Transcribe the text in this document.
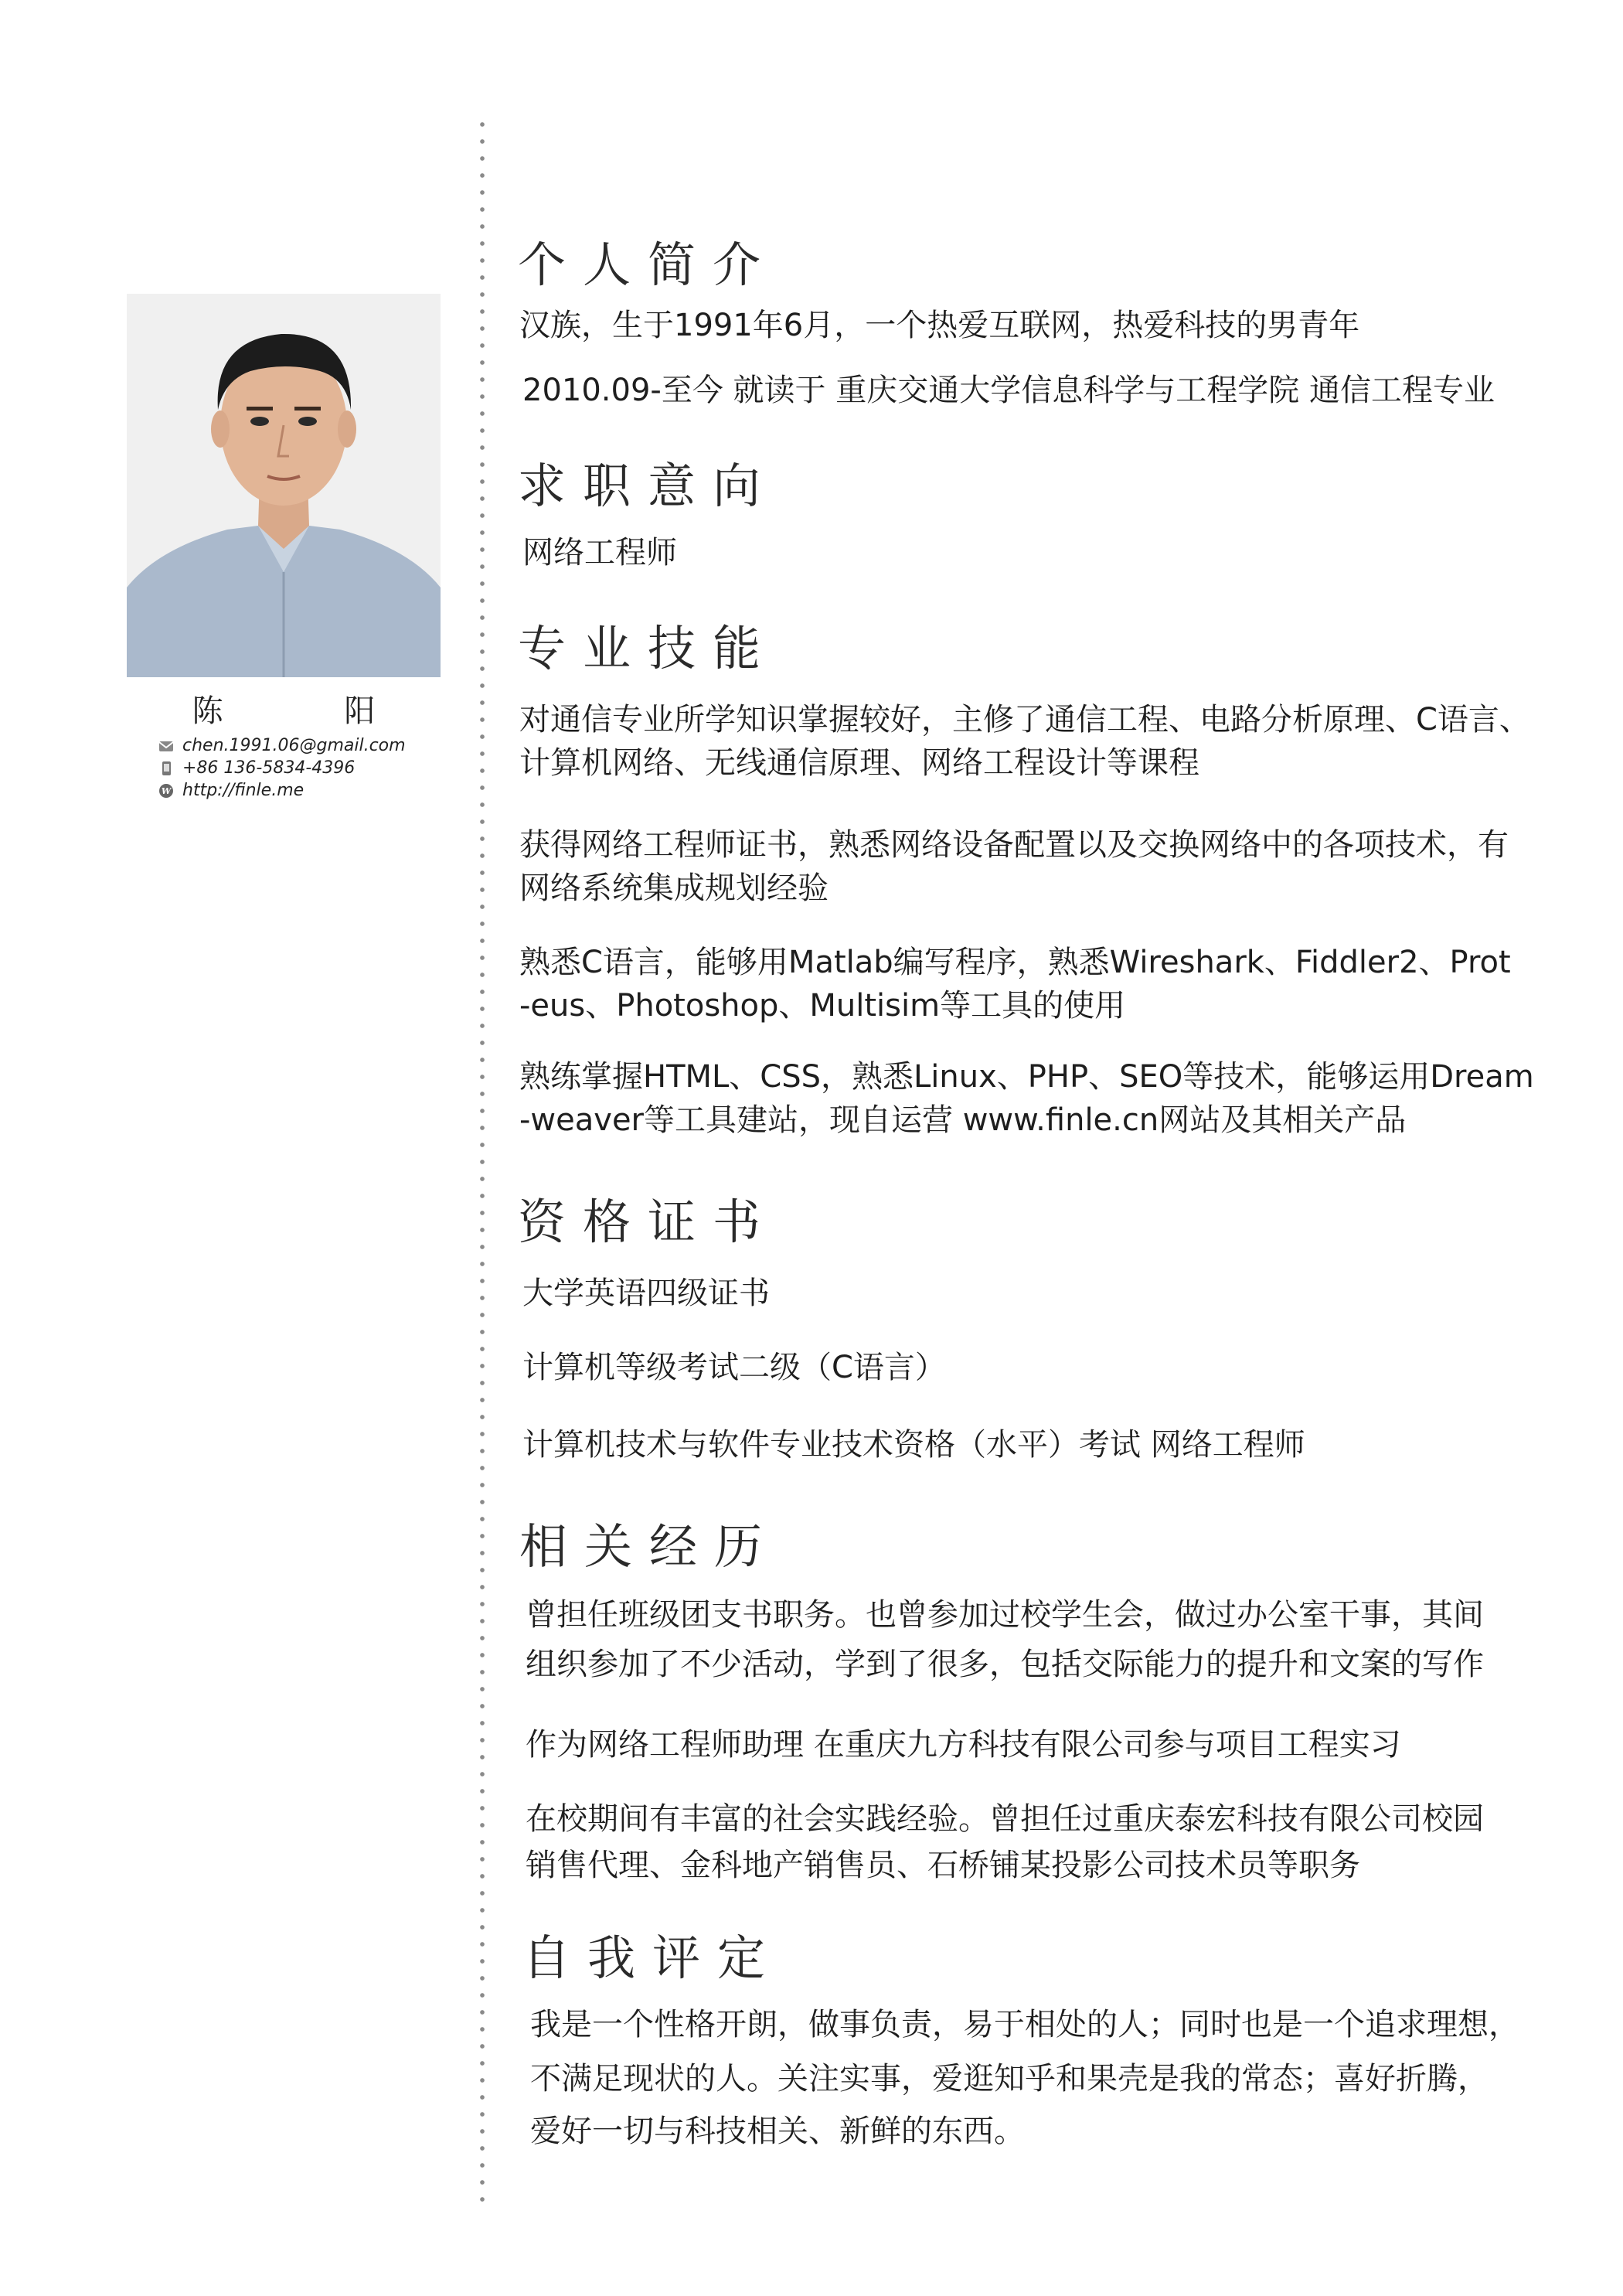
陈 阳
chen.1991.06@gmail.com
+86 136-5834-4396
W http://finle.me
个人简介
汉族，生于1991年6月，一个热爱互联网，热爱科技的男青年
2010.09-至今 就读于 重庆交通大学信息科学与工程学院 通信工程专业
求职意向
网络工程师
专业技能
对通信专业所学知识掌握较好，主修了通信工程、电路分析原理、C语言、
计算机网络、无线通信原理、网络工程设计等课程
获得网络工程师证书，熟悉网络设备配置以及交换网络中的各项技术，有
网络系统集成规划经验
熟悉C语言，能够用Matlab编写程序，熟悉Wireshark、Fiddler2、Prot
-eus、Photoshop、Multisim等工具的使用
熟练掌握HTML、CSS，熟悉Linux、PHP、SEO等技术，能够运用Dream
-weaver等工具建站，现自运营 www.finle.cn网站及其相关产品
资格证书
大学英语四级证书
计算机等级考试二级（C语言）
计算机技术与软件专业技术资格（水平）考试 网络工程师
相关经历
曾担任班级团支书职务。也曾参加过校学生会，做过办公室干事，其间
组织参加了不少活动，学到了很多，包括交际能力的提升和文案的写作
作为网络工程师助理 在重庆九方科技有限公司参与项目工程实习
在校期间有丰富的社会实践经验。曾担任过重庆泰宏科技有限公司校园
销售代理、金科地产销售员、石桥铺某投影公司技术员等职务
自我评定
我是一个性格开朗，做事负责，易于相处的人；同时也是一个追求理想，
不满足现状的人。关注实事，爱逛知乎和果壳是我的常态；喜好折腾，
爱好一切与科技相关、新鲜的东西。
